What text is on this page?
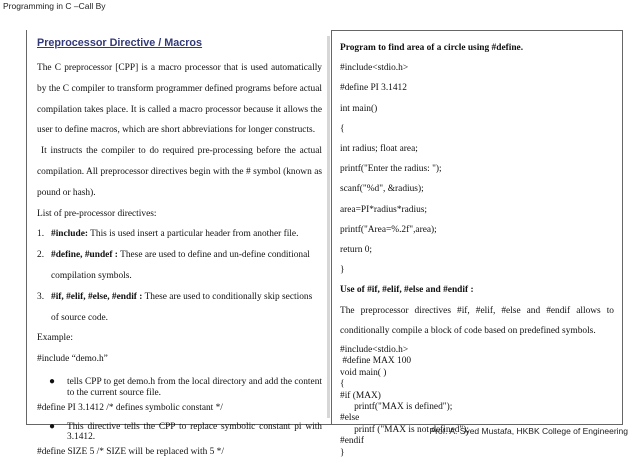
Programming in C –Call By
Preprocessor Directive / Macros

The C preprocessor [CPP] is a macro processor that is used automatically by the C compiler to transform programmer defined programs before actual compilation takes place. It is called a macro processor because it allows the user to define macros, which are short abbreviations for longer constructs.

It instructs the compiler to do required pre-processing before the actual compilation. All preprocessor directives begin with the # symbol (known as pound or hash).

List of pre-processor directives:
1. #include: This is used insert a particular header from another file.
2. #define, #undef : These are used to define and un-define conditional compilation symbols.
3. #if, #elif, #else, #endif : These are used to conditionally skip sections of source code.
Example:
#include “demo.h”
●	tells CPP to get demo.h from the local directory and add the content to the current source file.
#define PI 3.1412 /* defines symbolic constant */
●	This directive tells the CPP to replace symbolic constant pi with 3.1412.
#define SIZE 5 /* SIZE will be replaced with 5 */
Program to find area of a circle using #define.
#include<stdio.h>
#define PI 3.1412
int main()
{
int radius; float area;
printf("Enter the radius: ");
scanf("%d", &radius);
area=PI*radius*radius;
printf("Area=%.2f",area);
return 0;
}
Use of #if, #elif, #else and #endif :

The preprocessor directives #if, #elif, #else and #endif allows to conditionally compile a block of code based on predefined symbols.

#include<stdio.h>
#define MAX 100
void main( )
{
#if (MAX)
printf("MAX is defined");
#else
printf ("MAX is not defined");
#endif
}
Prof. A. Syed Mustafa, HKBK College of Engineering
